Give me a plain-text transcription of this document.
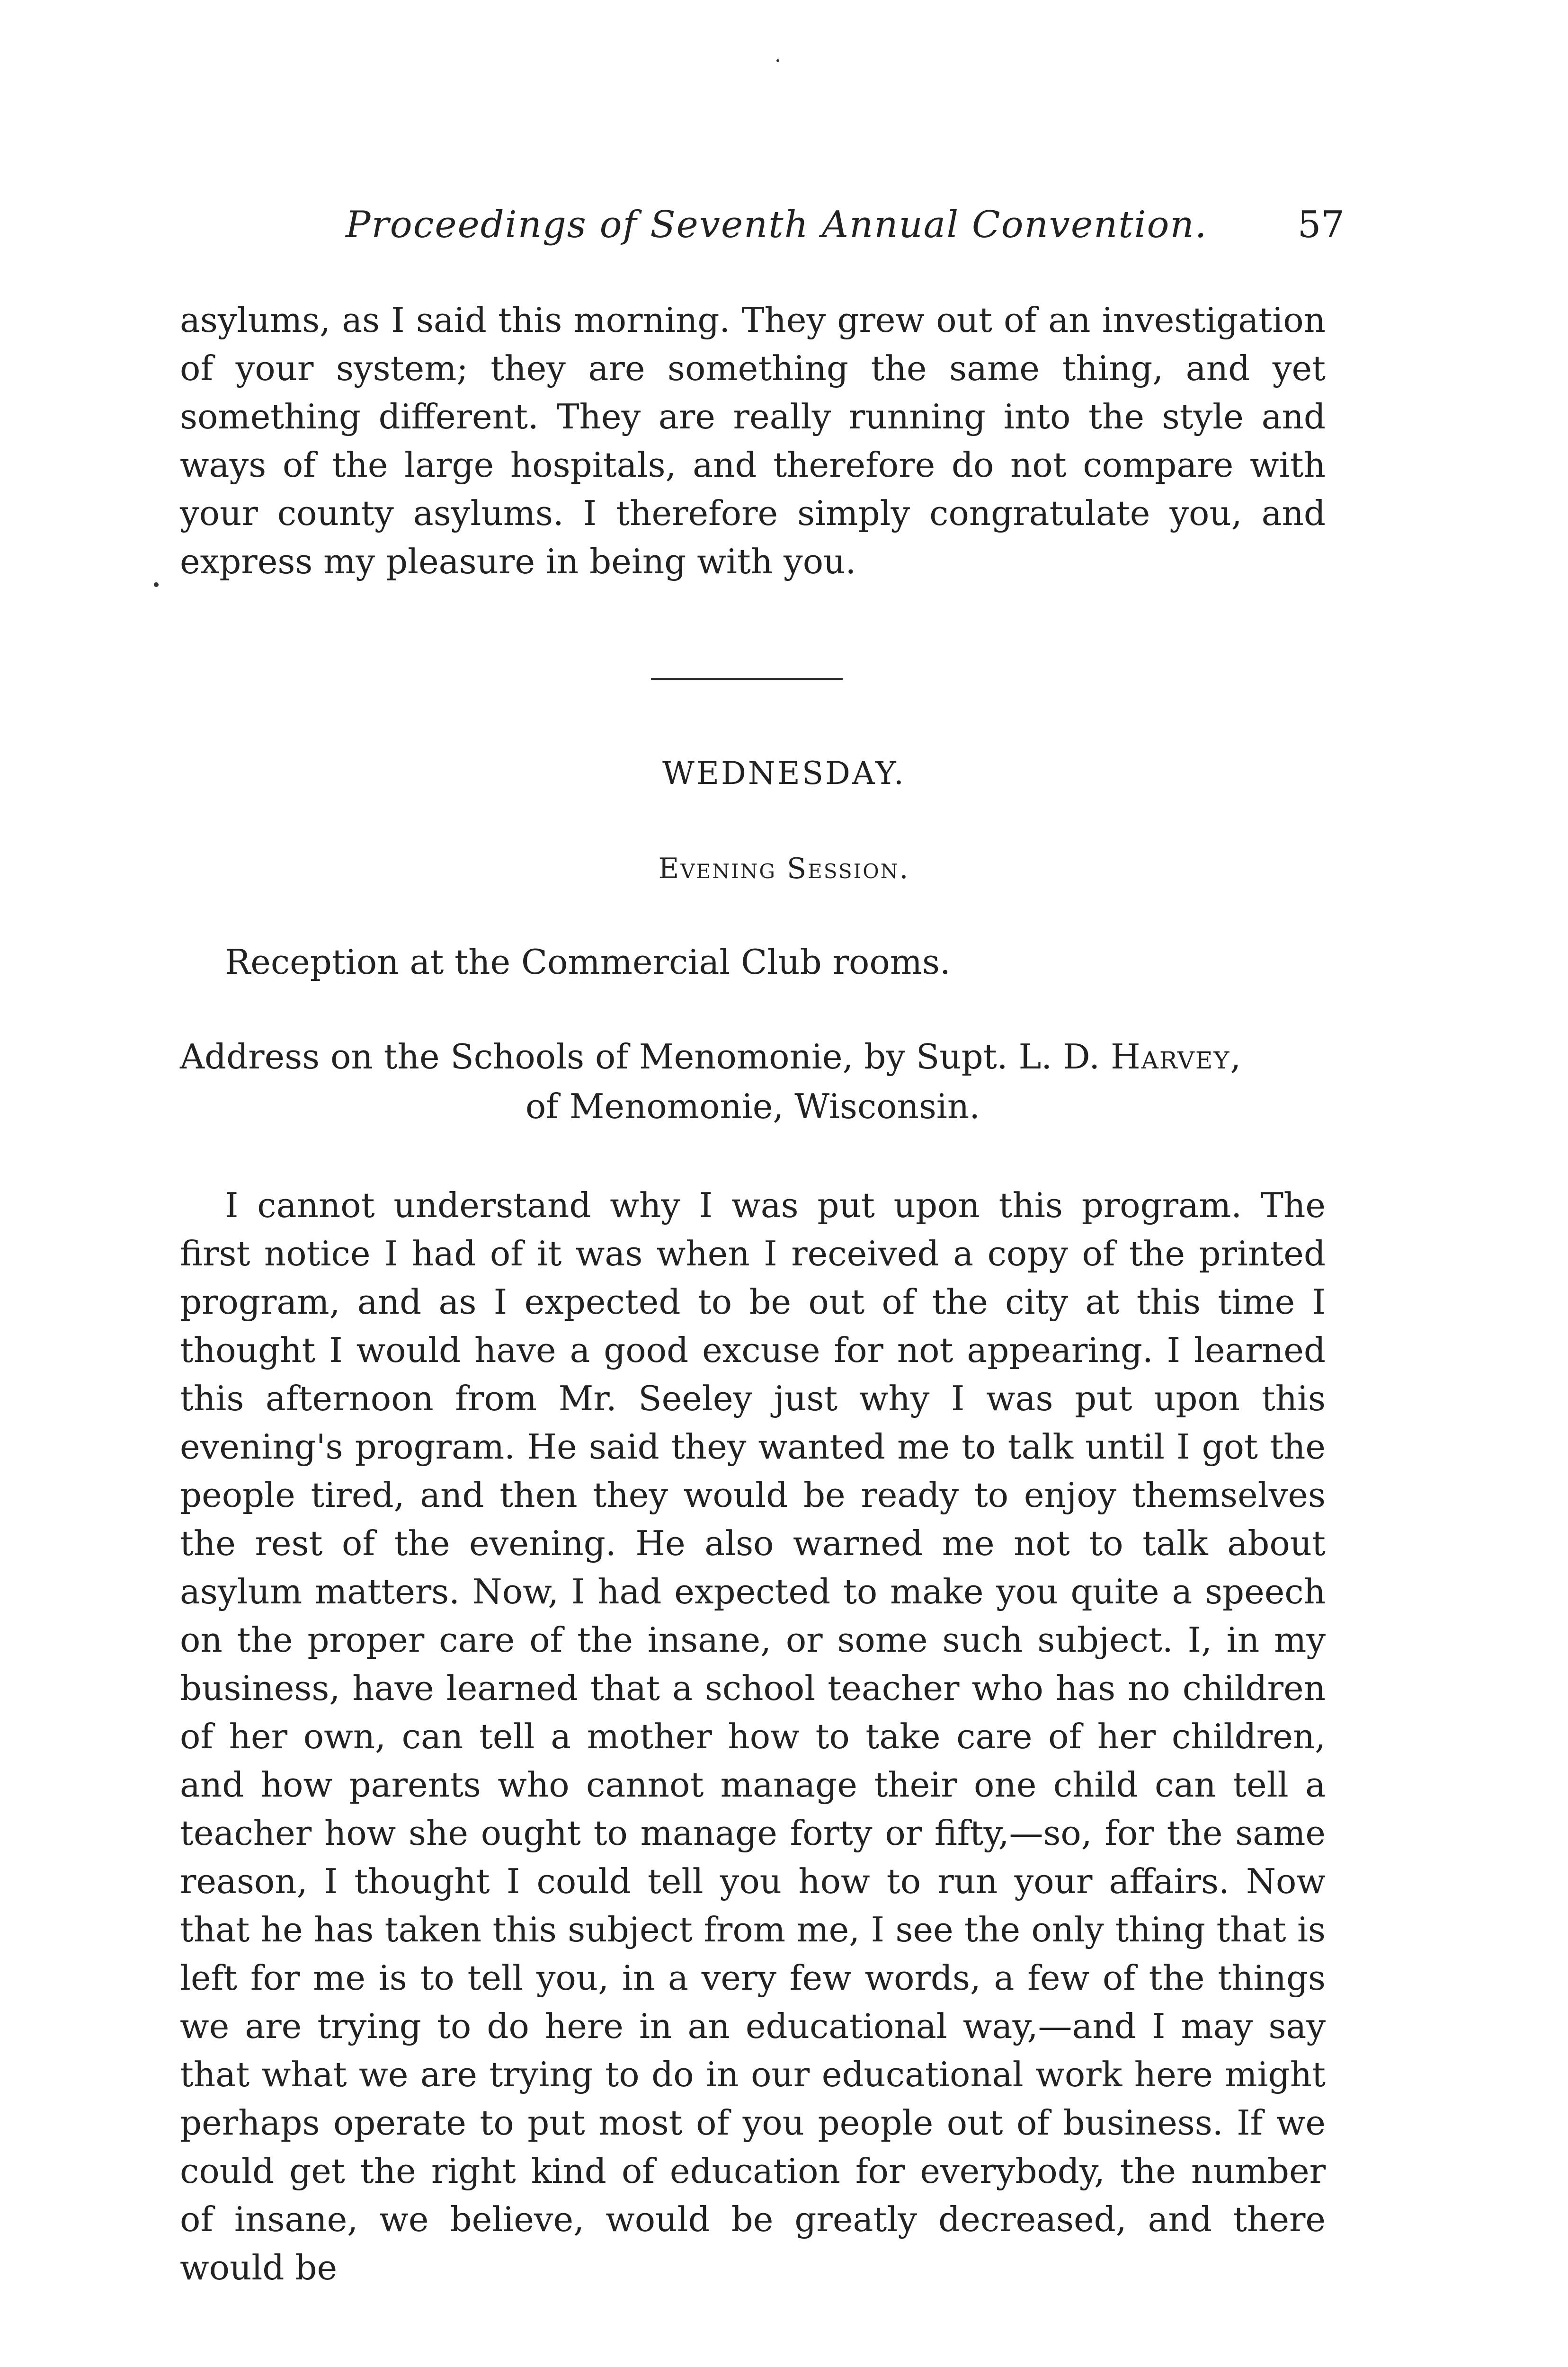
Proceedings of Seventh Annual Convention. 57

asylums, as I said this morning. They grew out of an investigation of your system; they are something the same thing, and yet something different. They are really running into the style and ways of the large hospitals, and therefore do not compare with your county asylums. I therefore simply congratulate you, and express my pleasure in being with you.

WEDNESDAY.
Evening Session.
Reception at the Commercial Club rooms.
Address on the Schools of Menomonie, by Supt. L. D. Harvey,
of Menomonie, Wisconsin.

I cannot understand why I was put upon this program. The first notice I had of it was when I received a copy of the printed program, and as I expected to be out of the city at this time I thought I would have a good excuse for not appearing. I learned this afternoon from Mr. Seeley just why I was put upon this evening's program. He said they wanted me to talk until I got the people tired, and then they would be ready to enjoy themselves the rest of the evening. He also warned me not to talk about asylum matters. Now, I had expected to make you quite a speech on the proper care of the insane, or some such subject. I, in my business, have learned that a school teacher who has no children of her own, can tell a mother how to take care of her children, and how parents who cannot manage their one child can tell a teacher how she ought to manage forty or fifty,—so, for the same reason, I thought I could tell you how to run your affairs. Now that he has taken this subject from me, I see the only thing that is left for me is to tell you, in a very few words, a few of the things we are trying to do here in an educational way,—and I may say that what we are trying to do in our educational work here might perhaps operate to put most of you people out of business. If we could get the right kind of education for everybody, the number of insane, we believe, would be greatly decreased, and there would be
